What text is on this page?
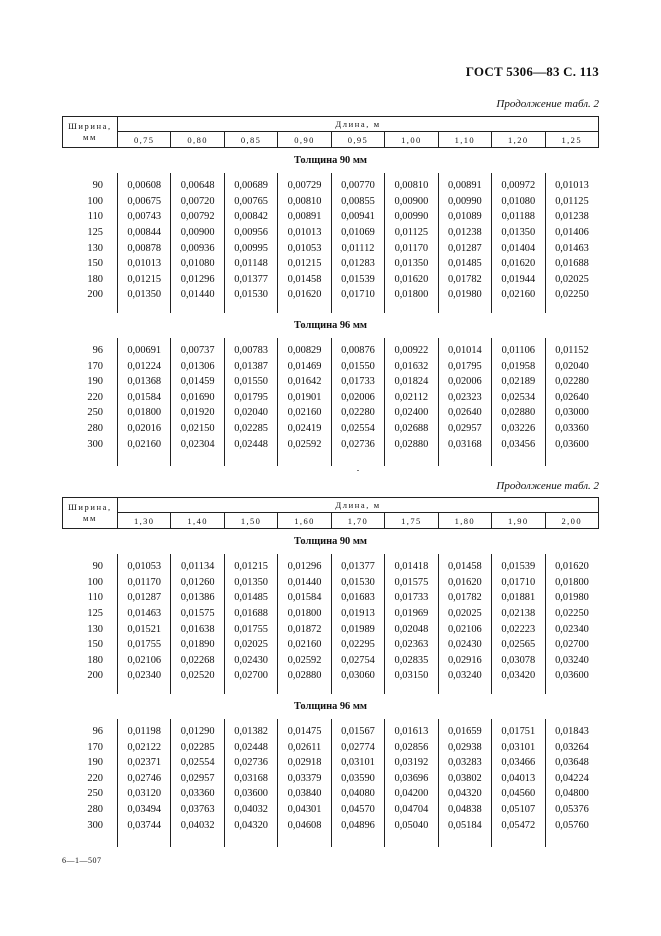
ГОСТ 5306—83 С. 113
Продолжение табл. 2
Ширина, мм	Длина, м								
	0,75	0,80	0,85	0,90	0,95	1,00	1,10	1,20	1,25
Толщина 90 мм									

90	0,00608	0,00648	0,00689	0,00729	0,00770	0,00810	0,00891	0,00972	0,01013
100	0,00675	0,00720	0,00765	0,00810	0,00855	0,00900	0,00990	0,01080	0,01125
110	0,00743	0,00792	0,00842	0,00891	0,00941	0,00990	0,01089	0,01188	0,01238
125	0,00844	0,00900	0,00956	0,01013	0,01069	0,01125	0,01238	0,01350	0,01406
130	0,00878	0,00936	0,00995	0,01053	0,01112	0,01170	0,01287	0,01404	0,01463
150	0,01013	0,01080	0,01148	0,01215	0,01283	0,01350	0,01485	0,01620	0,01688
180	0,01215	0,01296	0,01377	0,01458	0,01539	0,01620	0,01782	0,01944	0,02025
200	0,01350	0,01440	0,01530	0,01620	0,01710	0,01800	0,01980	0,02160	0,02250

Толщина 96 мм									

96	0,00691	0,00737	0,00783	0,00829	0,00876	0,00922	0,01014	0,01106	0,01152
170	0,01224	0,01306	0,01387	0,01469	0,01550	0,01632	0,01795	0,01958	0,02040
190	0,01368	0,01459	0,01550	0,01642	0,01733	0,01824	0,02006	0,02189	0,02280
220	0,01584	0,01690	0,01795	0,01901	0,02006	0,02112	0,02323	0,02534	0,02640
250	0,01800	0,01920	0,02040	0,02160	0,02280	0,02400	0,02640	0,02880	0,03000
280	0,02016	0,02150	0,02285	0,02419	0,02554	0,02688	0,02957	0,03226	0,03360
300	0,02160	0,02304	0,02448	0,02592	0,02736	0,02880	0,03168	0,03456	0,03600

Продолжение табл. 2
Ширина, мм	Длина, м								
	1,30	1,40	1,50	1,60	1,70	1,75	1,80	1,90	2,00
Толщина 90 мм									

90	0,01053	0,01134	0,01215	0,01296	0,01377	0,01418	0,01458	0,01539	0,01620
100	0,01170	0,01260	0,01350	0,01440	0,01530	0,01575	0,01620	0,01710	0,01800
110	0,01287	0,01386	0,01485	0,01584	0,01683	0,01733	0,01782	0,01881	0,01980
125	0,01463	0,01575	0,01688	0,01800	0,01913	0,01969	0,02025	0,02138	0,02250
130	0,01521	0,01638	0,01755	0,01872	0,01989	0,02048	0,02106	0,02223	0,02340
150	0,01755	0,01890	0,02025	0,02160	0,02295	0,02363	0,02430	0,02565	0,02700
180	0,02106	0,02268	0,02430	0,02592	0,02754	0,02835	0,02916	0,03078	0,03240
200	0,02340	0,02520	0,02700	0,02880	0,03060	0,03150	0,03240	0,03420	0,03600

Толщина 96 мм									

96	0,01198	0,01290	0,01382	0,01475	0,01567	0,01613	0,01659	0,01751	0,01843
170	0,02122	0,02285	0,02448	0,02611	0,02774	0,02856	0,02938	0,03101	0,03264
190	0,02371	0,02554	0,02736	0,02918	0,03101	0,03192	0,03283	0,03466	0,03648
220	0,02746	0,02957	0,03168	0,03379	0,03590	0,03696	0,03802	0,04013	0,04224
250	0,03120	0,03360	0,03600	0,03840	0,04080	0,04200	0,04320	0,04560	0,04800
280	0,03494	0,03763	0,04032	0,04301	0,04570	0,04704	0,04838	0,05107	0,05376
300	0,03744	0,04032	0,04320	0,04608	0,04896	0,05040	0,05184	0,05472	0,05760

6—1—507
